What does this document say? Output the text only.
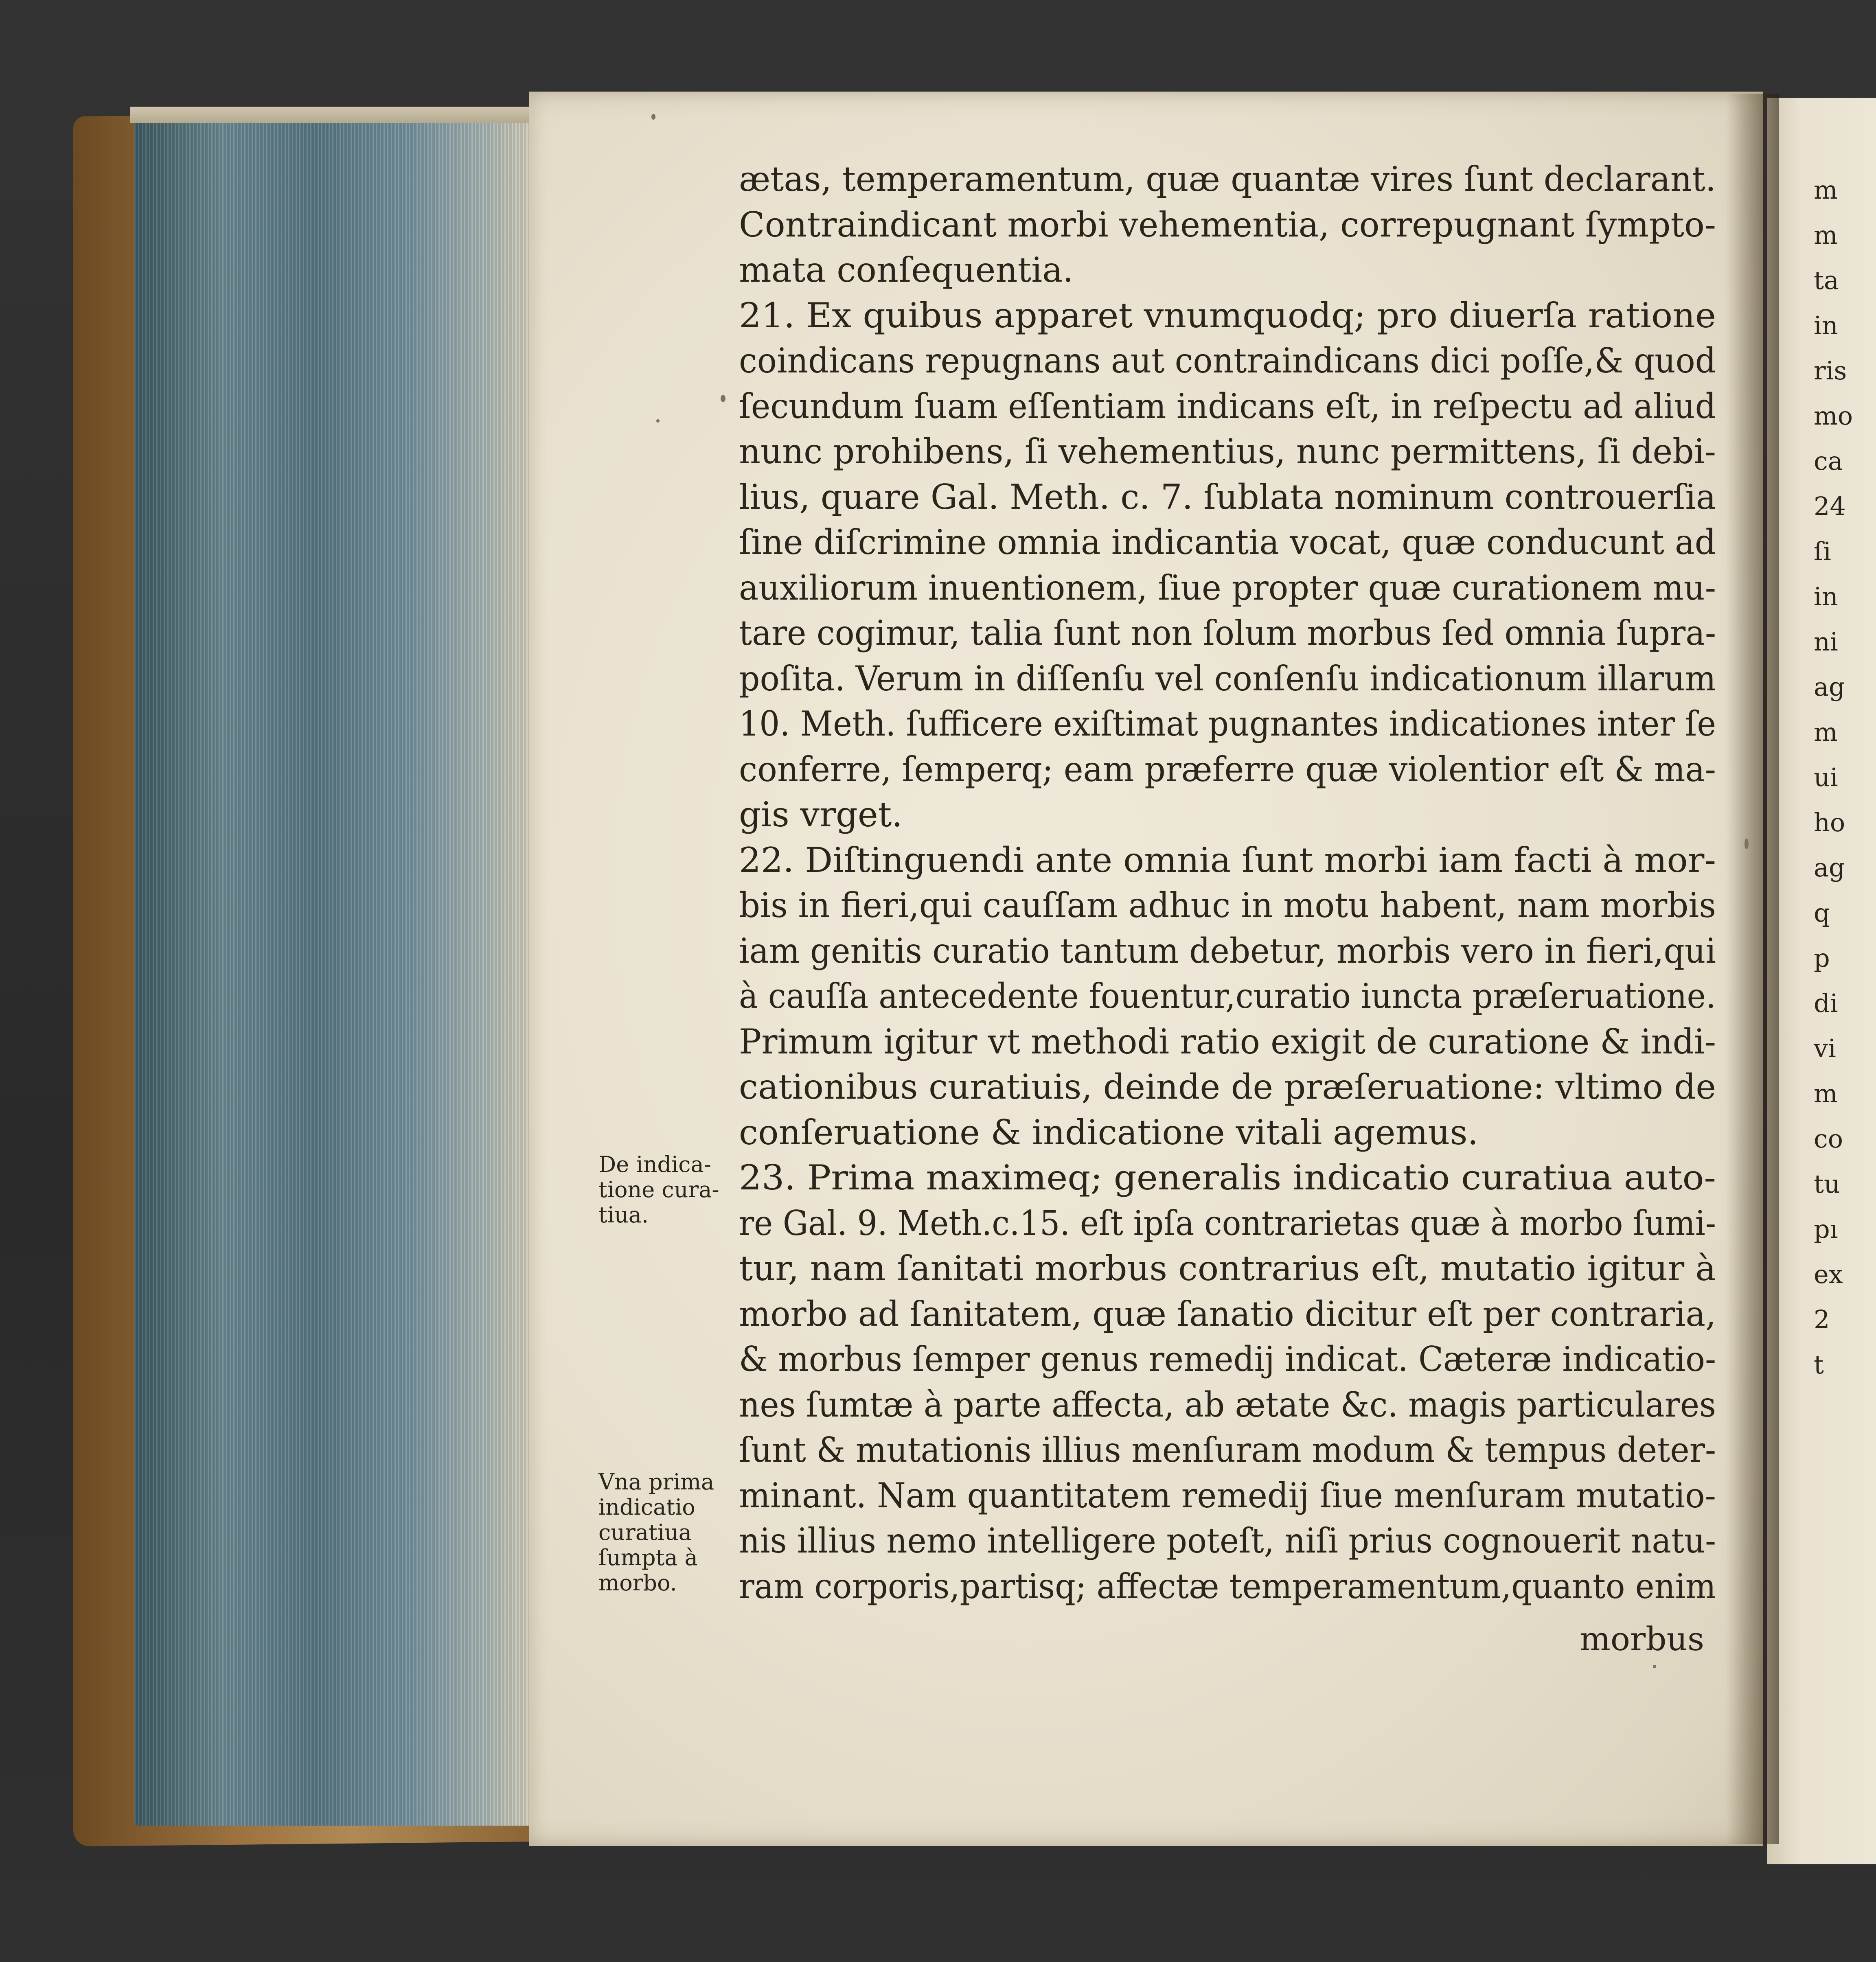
ætas, temperamentum, quæ quantæ vires ſunt declarant.
Contraindicant morbi vehementia, correpugnant ſympto-
mata conſequentia.
21. Ex quibus apparet vnumquodq; pro diuerſa ratione
coindicans repugnans aut contraindicans dici poſſe,& quod
ſecundum ſuam eſſentiam indicans eſt, in reſpectu ad aliud
nunc prohibens, ſi vehementius, nunc permittens, ſi debi-
lius, quare Gal. Meth. c. 7. ſublata nominum controuerſia
ſine diſcrimine omnia indicantia vocat, quæ conducunt ad
auxiliorum inuentionem, ſiue propter quæ curationem mu-
tare cogimur, talia ſunt non ſolum morbus ſed omnia ſupra-
poſita. Verum in diſſenſu vel conſenſu indicationum illarum
10. Meth. ſufficere exiſtimat pugnantes indicationes inter ſe
conferre, ſemperq; eam præferre quæ violentior eſt & ma-
gis vrget.
22. Diſtinguendi ante omnia ſunt morbi iam facti à mor-
bis in fieri,qui cauſſam adhuc in motu habent, nam morbis
iam genitis curatio tantum debetur, morbis vero in fieri,qui
à cauſſa antecedente fouentur,curatio iuncta præſeruatione.
Primum igitur vt methodi ratio exigit de curatione & indi-
cationibus curatiuis, deinde de præſeruatione: vltimo de
conſeruatione & indicatione vitali agemus.
23. Prima maximeq; generalis indicatio curatiua auto-
re Gal. 9. Meth.c.15. eſt ipſa contrarietas quæ à morbo ſumi-
tur, nam ſanitati morbus contrarius eſt, mutatio igitur à
morbo ad ſanitatem, quæ ſanatio dicitur eſt per contraria,
& morbus ſemper genus remedij indicat. Cæteræ indicatio-
nes ſumtæ à parte affecta, ab ætate &c. magis particulares
ſunt & mutationis illius menſuram modum & tempus deter-
minant. Nam quantitatem remedij ſiue menſuram mutatio-
nis illius nemo intelligere poteſt, niſi prius cognouerit natu-
ram corporis,partisq; affectæ temperamentum,quanto enim
De indica-
tione cura-
tiua.
Vna prima
indicatio
curatiua
ſumpta à
morbo.
morbus
m
m
ta
in
ris
mo
ca
24
ſi
in
ni
ag
m
ui
ho
ag
q
p
di
vi
m
co
tu
pı
ex
2
t
